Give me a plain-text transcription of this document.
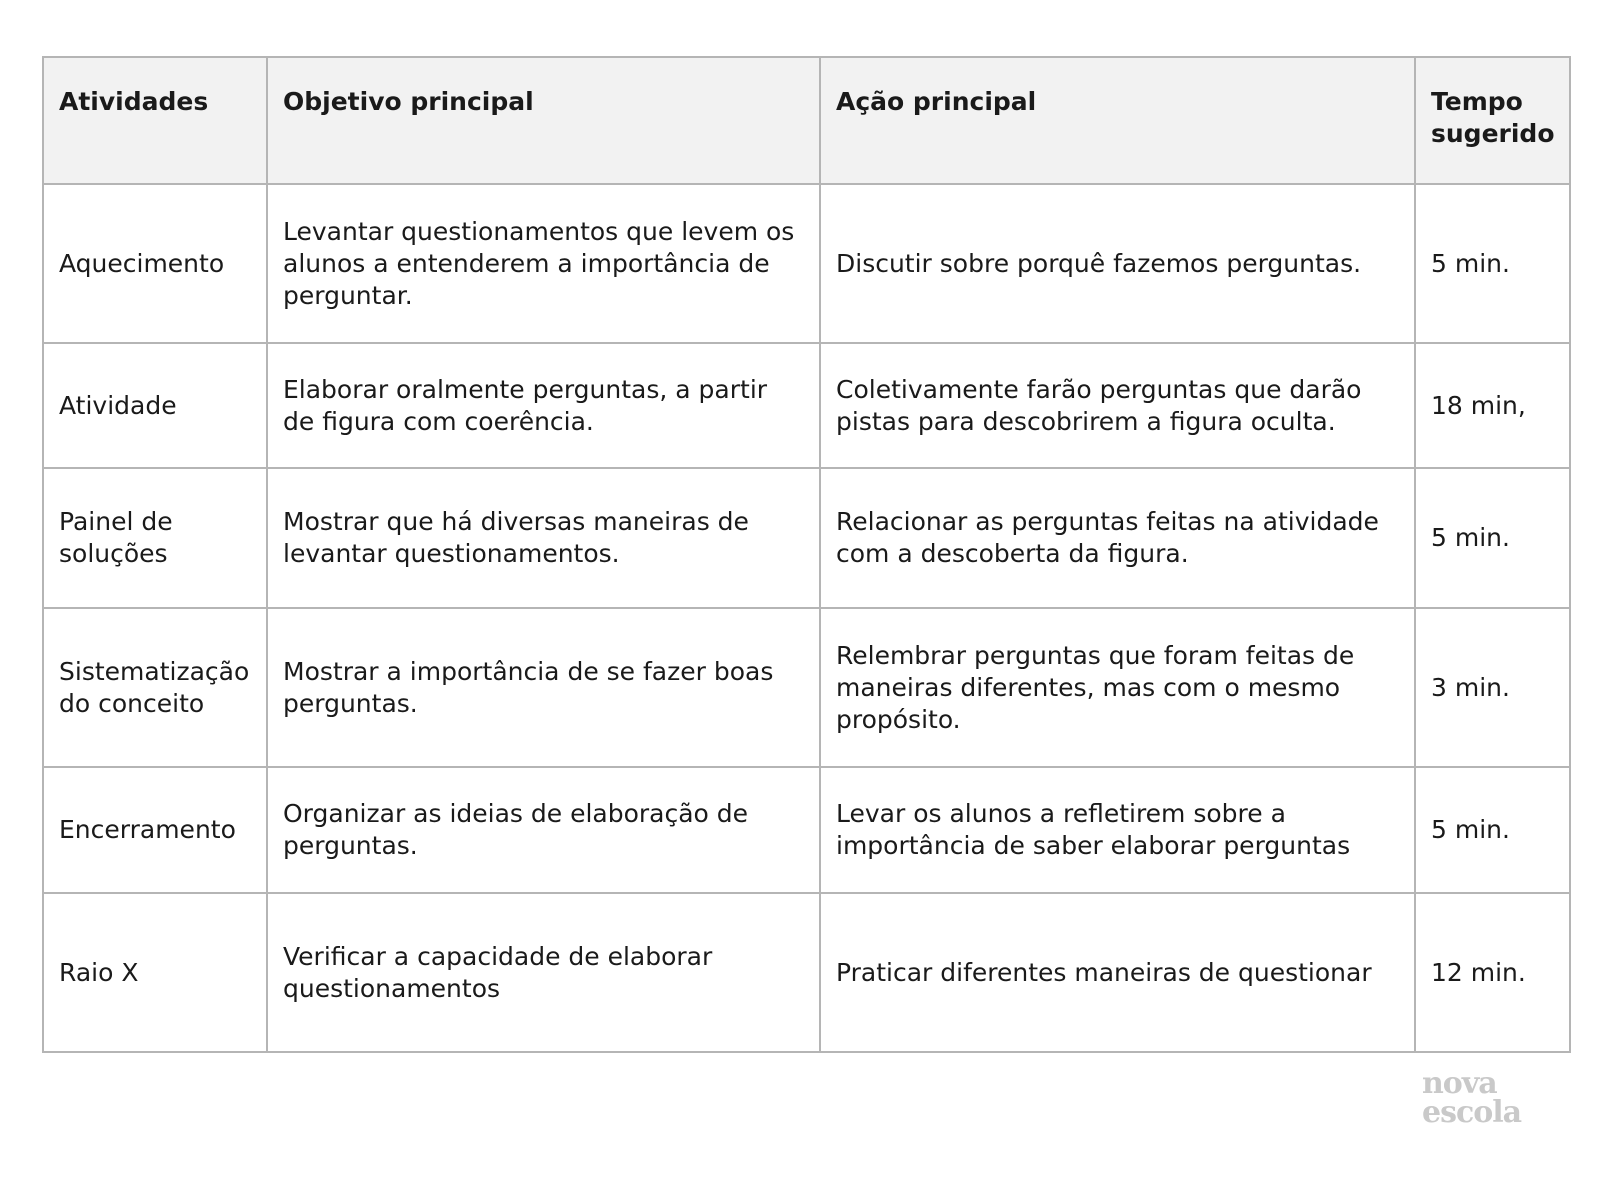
Atividades	Objetivo principal	Ação principal	Tempo sugerido
Aquecimento	Levantar questionamentos que levem os alunos a entenderem a importância de perguntar.	Discutir sobre porquê fazemos perguntas.	5 min.
Atividade	Elaborar oralmente perguntas, a partir de figura com coerência.	Coletivamente farão perguntas que darão pistas para descobrirem a figura oculta.	18 min,
Painel de soluções	Mostrar que há diversas maneiras de levantar questionamentos.	Relacionar as perguntas feitas na atividade com a descoberta da figura.	5 min.
Sistematização do conceito	Mostrar a importância de se fazer boas perguntas.	Relembrar perguntas que foram feitas de maneiras diferentes, mas com o mesmo propósito.	3 min.
Encerramento	Organizar as ideias de elaboração de perguntas.	Levar os alunos a refletirem sobre a importância de saber elaborar perguntas	5 min.
Raio X	Verificar a capacidade de elaborar questionamentos	Praticar diferentes maneiras de questionar	12 min.
nova
escola
